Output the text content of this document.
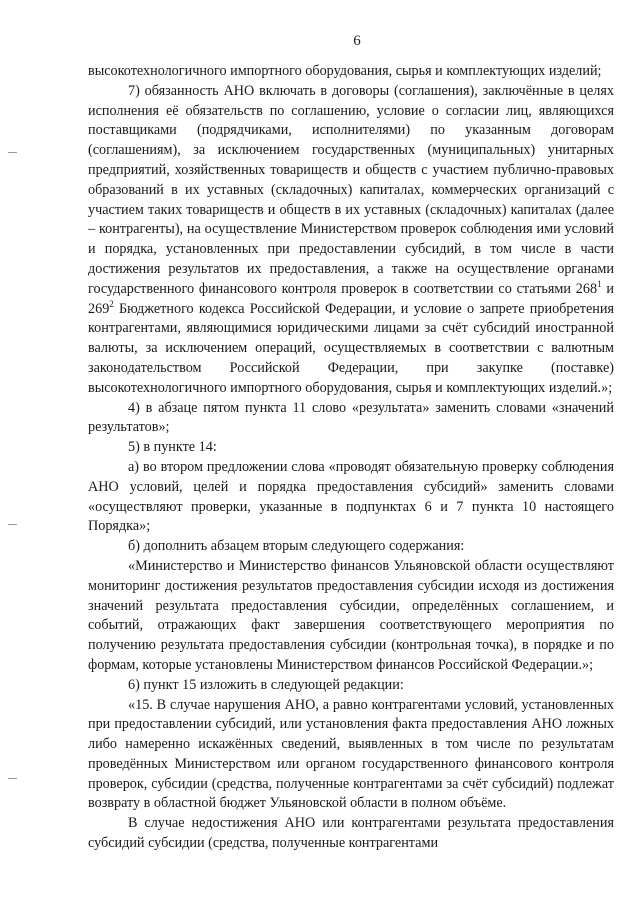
6

высокотехнологичного импортного оборудования, сырья и комплектующих изделий;

7) обязанность АНО включать в договоры (соглашения), заключённые в целях исполнения её обязательств по соглашению, условие о согласии лиц, являющихся поставщиками (подрядчиками, исполнителями) по указанным договорам (соглашениям), за исключением государственных (муниципальных) унитарных предприятий, хозяйственных товариществ и обществ с участием публично-правовых образований в их уставных (складочных) капиталах, коммерческих организаций с участием таких товариществ и обществ в их уставных (складочных) капиталах (далее – контрагенты), на осуществление Министерством проверок соблюдения ими условий и порядка, установленных при предоставлении субсидий, в том числе в части достижения результатов их предоставления, а также на осуществление органами государственного финансового контроля проверок в соответствии со статьями $268^1$ и $269^2$ Бюджетного кодекса Российской Федерации, и условие о запрете приобретения контрагентами, являющимися юридическими лицами за счёт субсидий иностранной валюты, за исключением операций, осуществляемых в соответствии с валютным законодательством Российской Федерации, при закупке (поставке) высокотехнологичного импортного оборудования, сырья и комплектующих изделий.»;

4) в абзаце пятом пункта 11 слово «результата» заменить словами «значений результатов»;

5) в пункте 14:

а) во втором предложении слова «проводят обязательную проверку соблюдения АНО условий, целей и порядка предоставления субсидий» заменить словами «осуществляют проверки, указанные в подпунктах 6 и 7 пункта 10 настоящего Порядка»;

б) дополнить абзацем вторым следующего содержания:

«Министерство и Министерство финансов Ульяновской области осуществляют мониторинг достижения результатов предоставления субсидии исходя из достижения значений результата предоставления субсидии, определённых соглашением, и событий, отражающих факт завершения соответствующего мероприятия по получению результата предоставления субсидии (контрольная точка), в порядке и по формам, которые установлены Министерством финансов Российской Федерации.»;

6) пункт 15 изложить в следующей редакции:

«15. В случае нарушения АНО, а равно контрагентами условий, установленных при предоставлении субсидий, или установления факта предоставления АНО ложных либо намеренно искажённых сведений, выявленных в том числе по результатам проведённых Министерством или органом государственного финансового контроля проверок, субсидии (средства, полученные контрагентами за счёт субсидий) подлежат возврату в областной бюджет Ульяновской области в полном объёме.

В случае недостижения АНО или контрагентами результата предоставления субсидий субсидии (средства, полученные контрагентами
